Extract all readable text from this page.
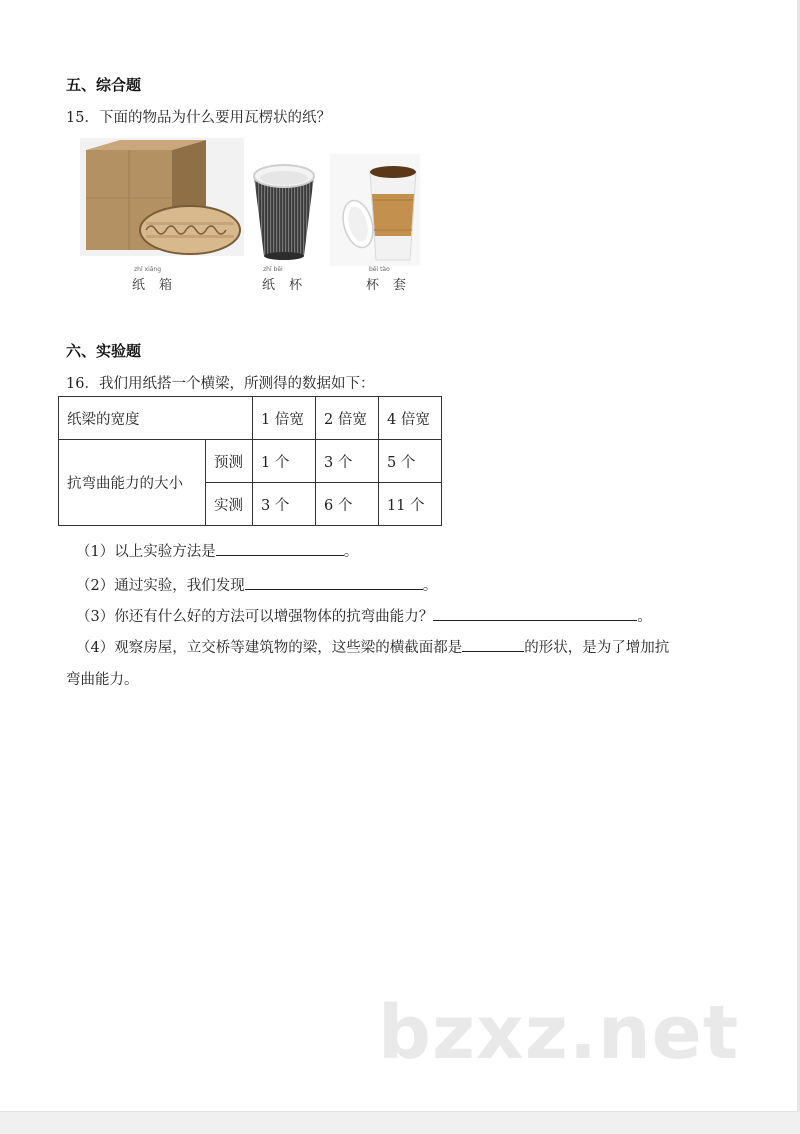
五、综合题
15．下面的物品为什么要用瓦楞状的纸？
zhǐ xiāng
纸箱
zhǐ bēi
纸杯
bēi tào
杯套
六、实验题
16．我们用纸搭一个横梁，所测得的数据如下：
纸梁的宽度		1 倍宽	2 倍宽	4 倍宽
抗弯曲能力的大小	预测	1 个	3 个	5 个
	实测	3 个	6 个	11 个
（1）以上实验方法是	。
（2）通过实验，我们发现	。
（3）你还有什么好的方法可以增强物体的抗弯曲能力？	。
（4）观察房屋，立交桥等建筑物的梁，这些梁的横截面都是	的形状，是为了增加抗
弯曲能力。
bzxz.net
